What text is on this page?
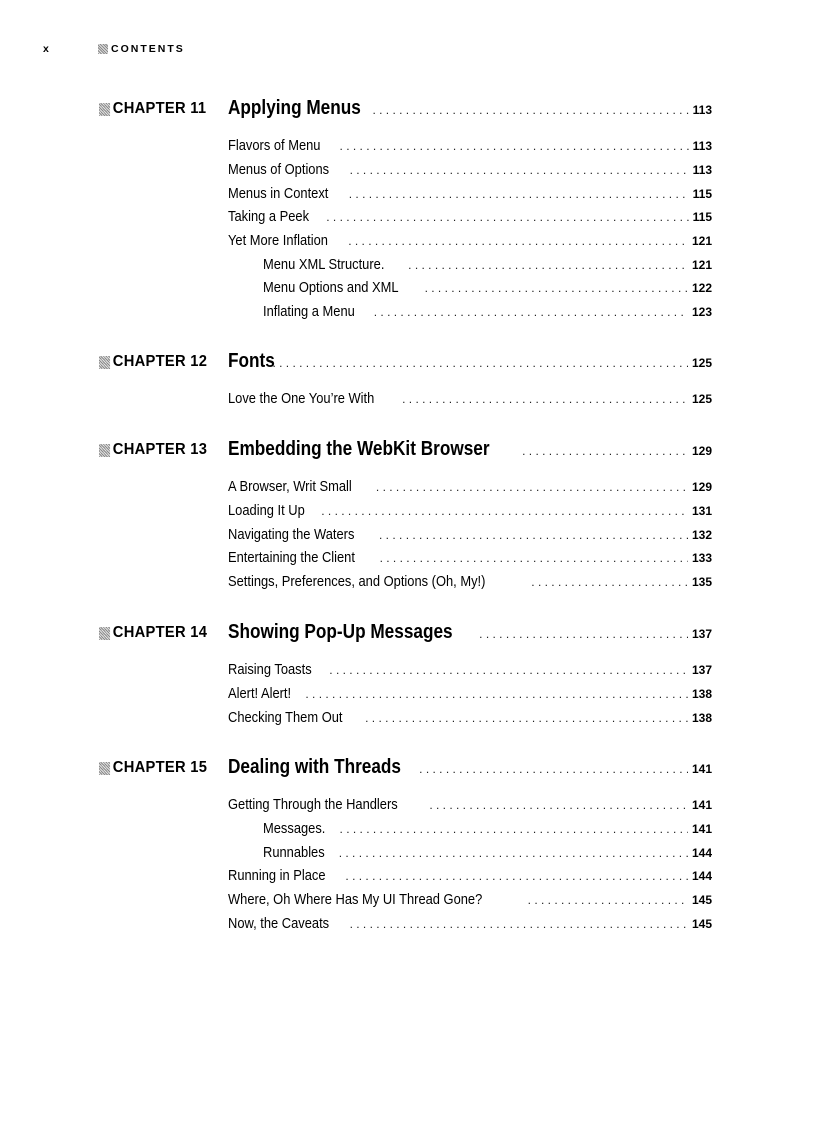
x	CONTENTS
CHAPTER 11 Applying Menus . . .	113
Flavors of Menu . . .	113
Menus of Options . . .	113
Menus in Context . . .	115
Taking a Peek . . .	115
Yet More Inflation . . .	121
Menu XML Structure. . . .	121
Menu Options and XML . . .	122
Inflating a Menu . . .	123
CHAPTER 12 Fonts . . .	125
Love the One You’re With . . .	125
CHAPTER 13 Embedding the WebKit Browser . . .	129
A Browser, Writ Small . . .	129
Loading It Up . . .	131
Navigating the Waters . . .	132
Entertaining the Client . . .	133
Settings, Preferences, and Options (Oh, My!) . . .	135
CHAPTER 14 Showing Pop-Up Messages . . .	137
Raising Toasts . . .	137
Alert! Alert! . . .	138
Checking Them Out . . .	138
CHAPTER 15 Dealing with Threads . . .	141
Getting Through the Handlers . . .	141
Messages. . . .	141
Runnables . . .	144
Running in Place . . .	144
Where, Oh Where Has My UI Thread Gone? . . .	145
Now, the Caveats . . .	145
